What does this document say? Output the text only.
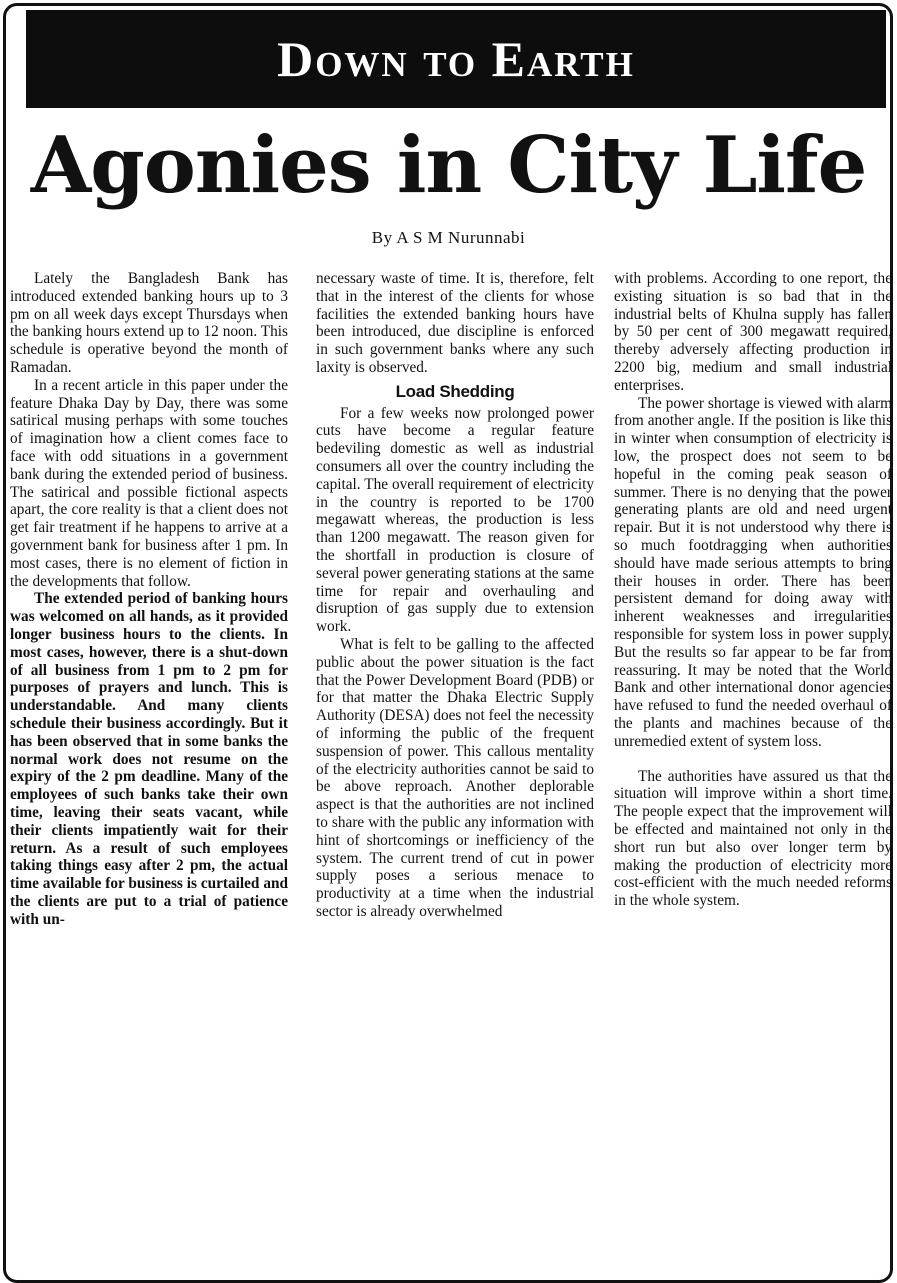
Down to Earth
Agonies in City Life
By A S M Nurunnabi

Lately the Bangladesh Bank has introduced extended banking hours up to 3 pm on all week days except Thursdays when the banking hours extend up to 12 noon. This schedule is operative beyond the month of Ramadan.

In a recent article in this paper under the feature Dhaka Day by Day, there was some satirical musing perhaps with some touches of imagination how a client comes face to face with odd situations in a government bank during the extended period of business. The satirical and possible fictional aspects apart, the core reality is that a client does not get fair treatment if he happens to arrive at a government bank for business after 1 pm. In most cases, there is no element of fiction in the developments that follow.

The extended period of banking hours was welcomed on all hands, as it provided longer business hours to the clients. In most cases, however, there is a shut-down of all business from 1 pm to 2 pm for purposes of prayers and lunch. This is understandable. And many clients schedule their business accordingly. But it has been observed that in some banks the normal work does not resume on the expiry of the 2 pm deadline. Many of the employees of such banks take their own time, leaving their seats vacant, while their clients impatiently wait for their return. As a result of such employees taking things easy after 2 pm, the actual time available for business is curtailed and the clients are put to a trial of patience with un-

necessary waste of time. It is, therefore, felt that in the interest of the clients for whose facilities the extended banking hours have been introduced, due discipline is enforced in such government banks where any such laxity is observed.

Load Shedding

For a few weeks now prolonged power cuts have become a regular feature bedeviling domestic as well as industrial consumers all over the country including the capital. The overall requirement of electricity in the country is reported to be 1700 megawatt whereas, the production is less than 1200 megawatt. The reason given for the shortfall in production is closure of several power generating stations at the same time for repair and overhauling and disruption of gas supply due to extension work.

What is felt to be galling to the affected public about the power situation is the fact that the Power Development Board (PDB) or for that matter the Dhaka Electric Supply Authority (DESA) does not feel the necessity of informing the public of the frequent suspension of power. This callous mentality of the electricity authorities cannot be said to be above reproach. Another deplorable aspect is that the authorities are not inclined to share with the public any information with hint of shortcomings or inefficiency of the system. The current trend of cut in power supply poses a serious menace to productivity at a time when the industrial sector is already overwhelmed

with problems. According to one report, the existing situation is so bad that in the industrial belts of Khulna supply has fallen by 50 per cent of 300 megawatt required, thereby adversely affecting production in 2200 big, medium and small industrial enterprises.

The power shortage is viewed with alarm from another angle. If the position is like this in winter when consumption of electricity is low, the prospect does not seem to be hopeful in the coming peak season of summer. There is no denying that the power generating plants are old and need urgent repair. But it is not understood why there is so much footdragging when authorities should have made serious attempts to bring their houses in order. There has been persistent demand for doing away with inherent weaknesses and irregularities responsible for system loss in power supply. But the results so far appear to be far from reassuring. It may be noted that the World Bank and other international donor agencies have refused to fund the needed overhaul of the plants and machines because of the unremedied extent of system loss.

The authorities have assured us that the situation will improve within a short time. The people expect that the improvement will be effected and maintained not only in the short run but also over longer term by making the production of electricity more cost-efficient with the much needed reforms in the whole system.
